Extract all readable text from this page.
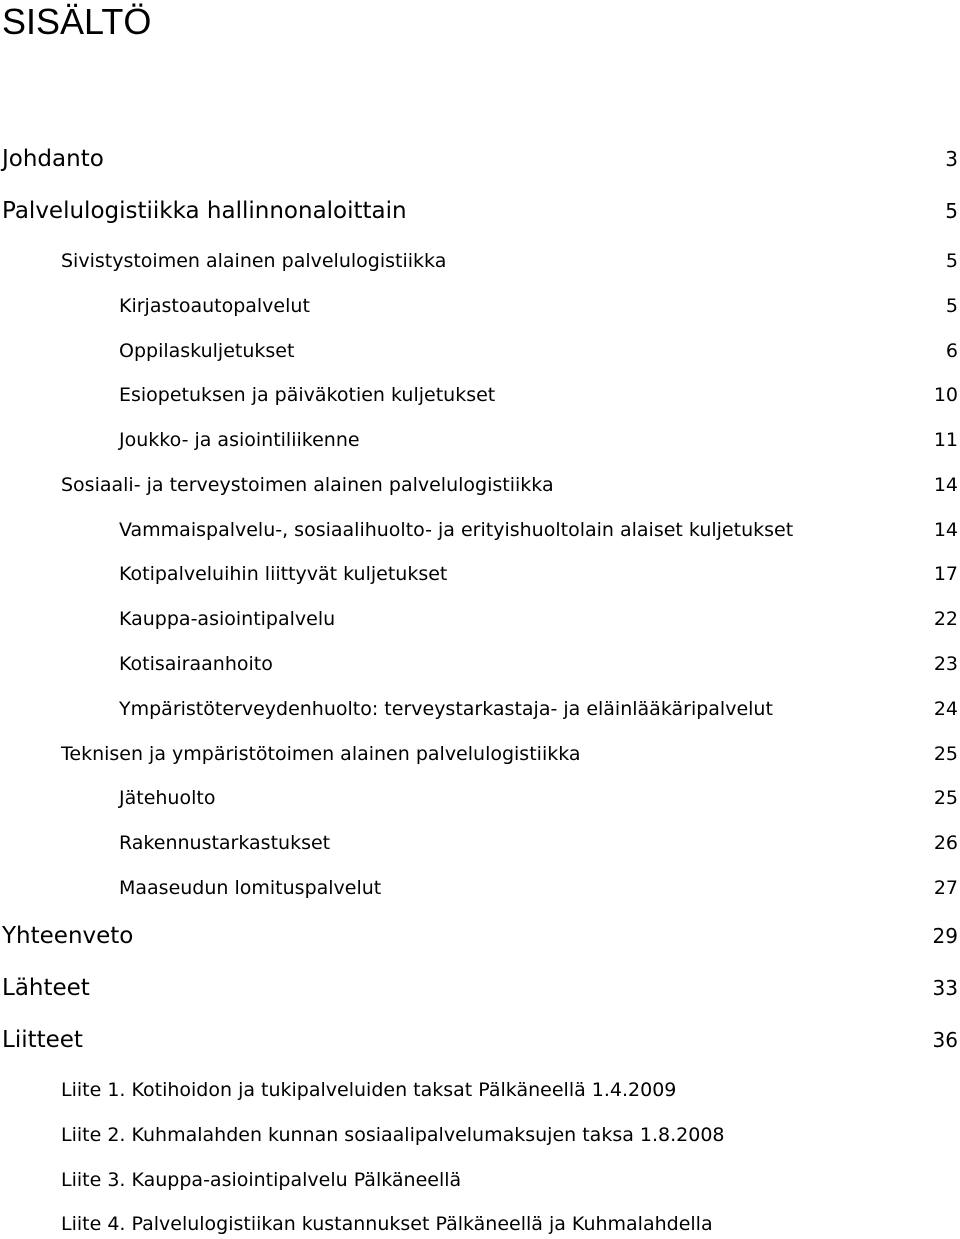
SISÄLTÖ
Johdanto	3
Palvelulogistiikka hallinnonaloittain	5
Sivistystoimen alainen palvelulogistiikka	5
Kirjastoautopalvelut	5
Oppilaskuljetukset	6
Esiopetuksen ja päiväkotien kuljetukset	10
Joukko- ja asiointiliikenne	11
Sosiaali- ja terveystoimen alainen palvelulogistiikka	14
Vammaispalvelu-, sosiaalihuolto- ja erityishuoltolain alaiset kuljetukset	14
Kotipalveluihin liittyvät kuljetukset	17
Kauppa-asiointipalvelu	22
Kotisairaanhoito	23
Ympäristöterveydenhuolto: terveystarkastaja- ja eläinlääkäripalvelut	24
Teknisen ja ympäristötoimen alainen palvelulogistiikka	25
Jätehuolto	25
Rakennustarkastukset	26
Maaseudun lomituspalvelut	27
Yhteenveto	29
Lähteet	33
Liitteet	36
Liite 1. Kotihoidon ja tukipalveluiden taksat Pälkäneellä 1.4.2009
Liite 2. Kuhmalahden kunnan sosiaalipalvelumaksujen taksa 1.8.2008
Liite 3. Kauppa-asiointipalvelu Pälkäneellä
Liite 4. Palvelulogistiikan kustannukset Pälkäneellä ja Kuhmalahdella
